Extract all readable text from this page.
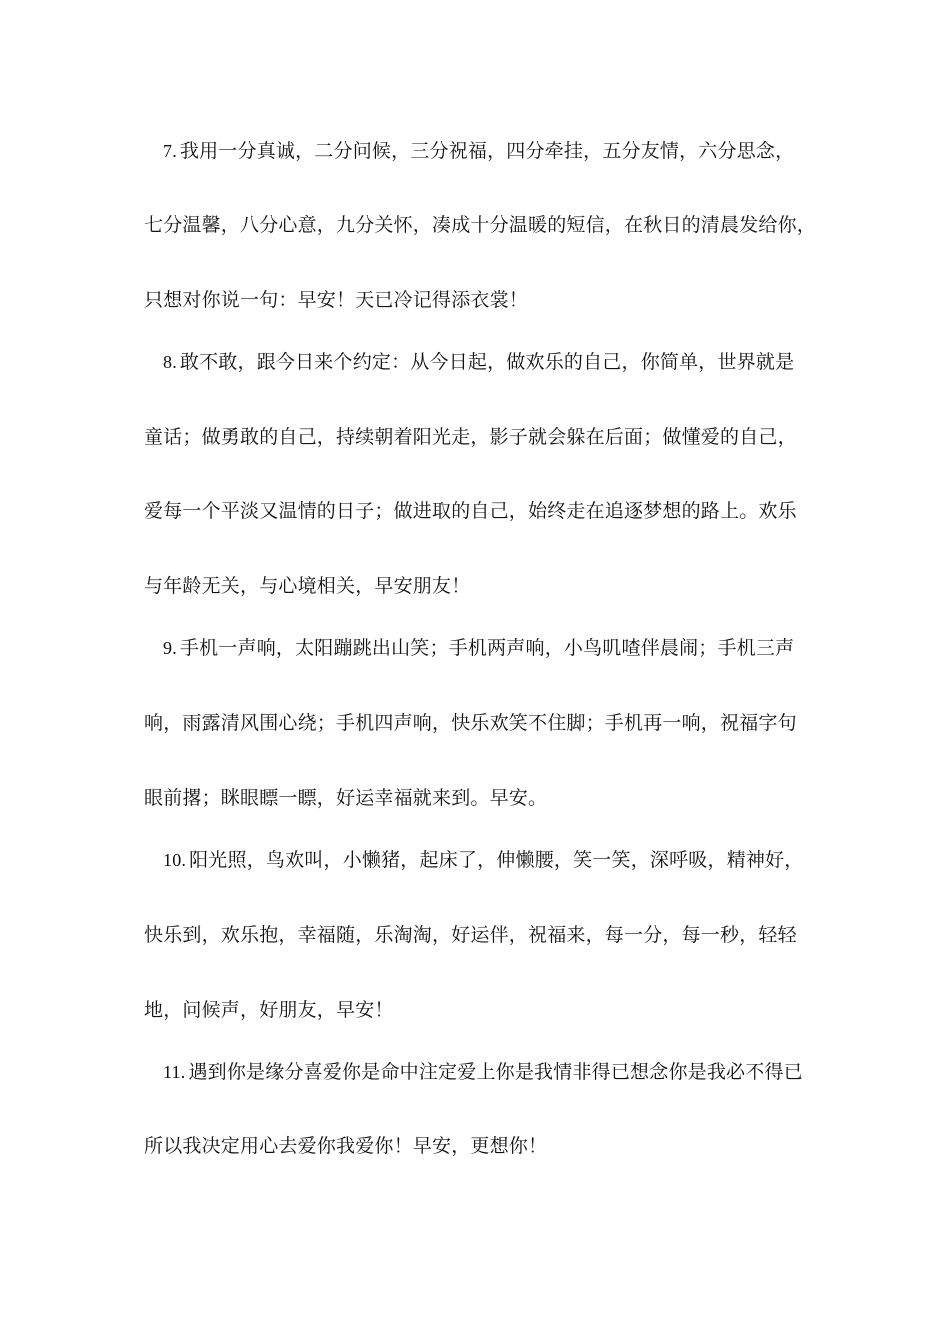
7. 我用一分真诚，二分问候，三分祝福，四分牵挂，五分友情，六分思念，
七分温馨，八分心意，九分关怀，凑成十分温暖的短信，在秋日的清晨发给你，
只想对你说一句：早安！天已冷记得添衣裳！
8. 敢不敢，跟今日来个约定：从今日起，做欢乐的自己，你简单，世界就是
童话；做勇敢的自己，持续朝着阳光走，影子就会躲在后面；做懂爱的自己，
爱每一个平淡又温情的日子；做进取的自己，始终走在追逐梦想的路上。欢乐
与年龄无关，与心境相关，早安朋友！
9. 手机一声响，太阳蹦跳出山笑；手机两声响，小鸟叽喳伴晨闹；手机三声
响，雨露清风围心绕；手机四声响，快乐欢笑不住脚；手机再一响，祝福字句
眼前撂；眯眼瞟一瞟，好运幸福就来到。早安。
10. 阳光照，鸟欢叫，小懒猪，起床了，伸懒腰，笑一笑，深呼吸，精神好，
快乐到，欢乐抱，幸福随，乐淘淘，好运伴，祝福来，每一分，每一秒，轻轻
地，问候声，好朋友，早安！
11. 遇到你是缘分喜爱你是命中注定爱上你是我情非得已想念你是我必不得已
所以我决定用心去爱你我爱你！早安，更想你！
